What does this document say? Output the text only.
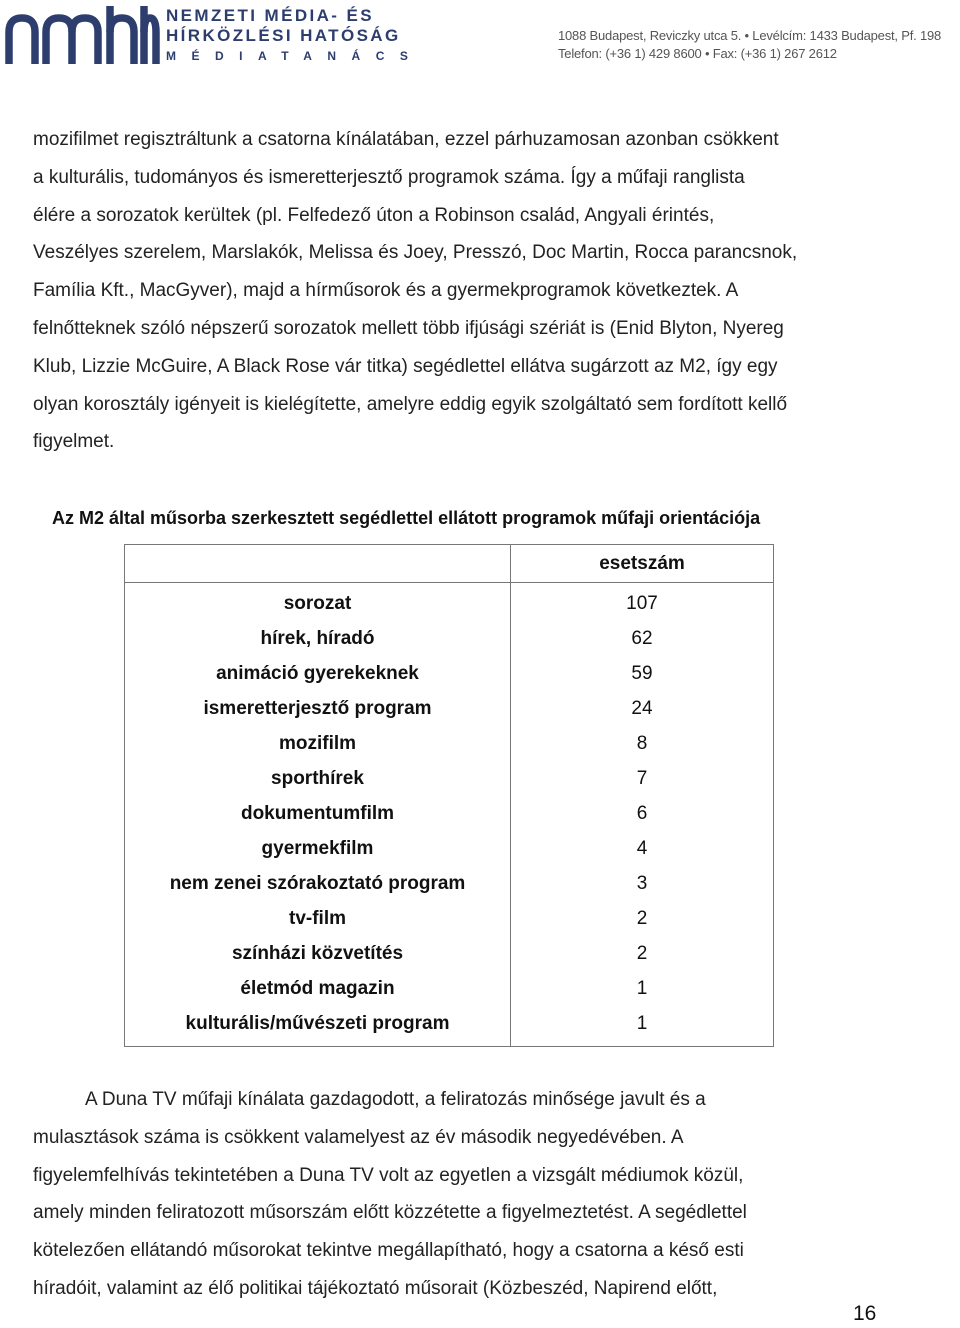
NEMZETI MÉDIA- ÉS
HÍRKÖZLÉSI HATÓSÁG
MÉDIATANÁCS
1088 Budapest, Reviczky utca 5. • Levélcím: 1433 Budapest, Pf. 198
Telefon: (+36 1) 429 8600 • Fax: (+36 1) 267 2612
mozifilmet regisztráltunk a csatorna kínálatában, ezzel párhuzamosan azonban csökkent
a kulturális, tudományos és ismeretterjesztő programok száma. Így a műfaji ranglista
élére a sorozatok kerültek (pl. Felfedező úton a Robinson család, Angyali érintés,
Veszélyes szerelem, Marslakók, Melissa és Joey, Presszó, Doc Martin, Rocca parancsnok,
Família Kft., MacGyver), majd a hírműsorok és a gyermekprogramok következtek. A
felnőtteknek szóló népszerű sorozatok mellett több ifjúsági szériát is (Enid Blyton, Nyereg
Klub, Lizzie McGuire, A Black Rose vár titka) segédlettel ellátva sugárzott az M2, így egy
olyan korosztály igényeit is kielégítette, amelyre eddig egyik szolgáltató sem fordított kellő
figyelmet.

Az M2 által műsorba szerkesztett segédlettel ellátott programok műfaji orientációja

	esetszám
sorozat	107
hírek, híradó	62
animáció gyerekeknek	59
ismeretterjesztő program	24
mozifilm	8
sporthírek	7
dokumentumfilm	6
gyermekfilm	4
nem zenei szórakoztató program	3
tv-film	2
színházi közvetítés	2
életmód magazin	1
kulturális/művészeti program	1
A Duna TV műfaji kínálata gazdagodott, a feliratozás minősége javult és a
mulasztások száma is csökkent valamelyest az év második negyedévében. A
figyelemfelhívás tekintetében a Duna TV volt az egyetlen a vizsgált médiumok közül,
amely minden feliratozott műsorszám előtt közzétette a figyelmeztetést. A segédlettel
kötelezően ellátandó műsorokat tekintve megállapítható, hogy a csatorna a késő esti
híradóit, valamint az élő politikai tájékoztató műsorait (Közbeszéd, Napirend előtt,
16
